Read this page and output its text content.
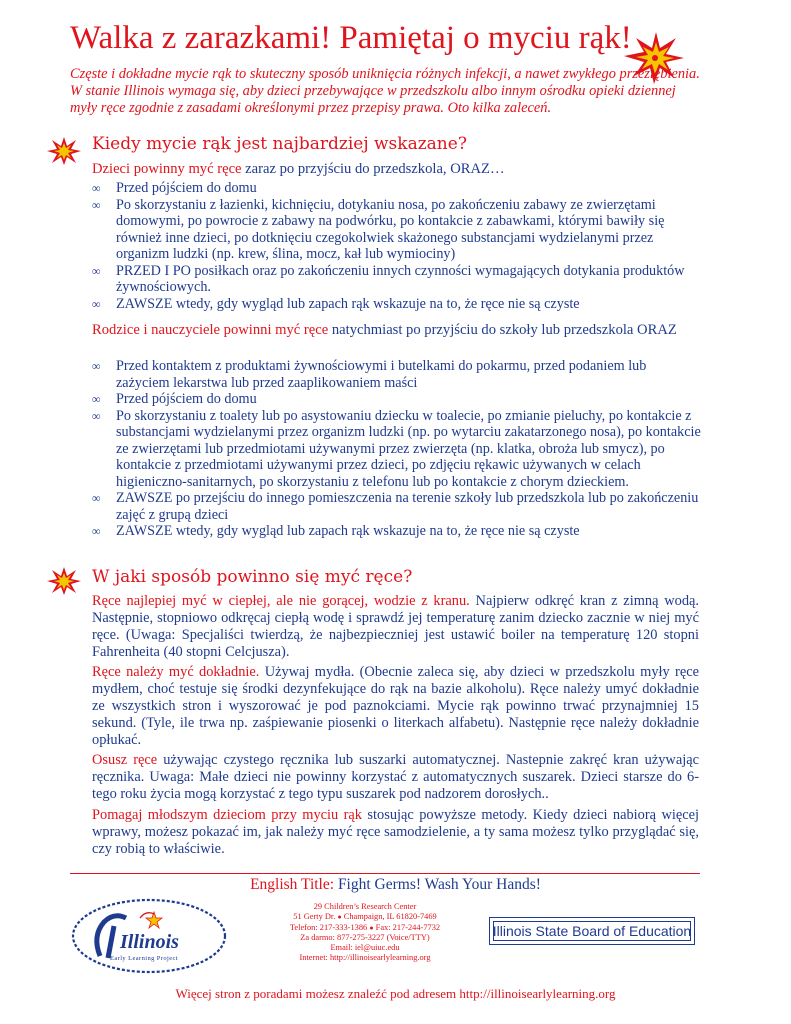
Walka z zarazkami! Pamiętaj o myciu rąk!
Częste i dokładne mycie rąk to skuteczny sposób uniknięcia różnych infekcji, a nawet zwykłego przeziębienia. W stanie Illinois wymaga się, aby dzieci przebywające w przedszkolu albo innym ośrodku opieki dziennej myły ręce zgodnie z zasadami określonymi przez przepisy prawa. Oto kilka zaleceń.
Kiedy mycie rąk jest najbardziej wskazane?
Dzieci powinny myć ręce zaraz po przyjściu do przedszkola, ORAZ…
∞ Przed pójściem do domu
∞ Po skorzystaniu z łazienki, kichnięciu, dotykaniu nosa, po zakończeniu zabawy ze zwierzętami domowymi, po powrocie z zabawy na podwórku, po kontakcie z zabawkami, którymi bawiły się również inne dzieci, po dotknięciu czegokolwiek skażonego substancjami wydzielanymi przez organizm ludzki (np. krew, ślina, mocz, kał lub wymiociny)
∞ PRZED I PO posiłkach oraz po zakończeniu innych czynności wymagających dotykania produktów żywnościowych.
∞ ZAWSZE wtedy, gdy wygląd lub zapach rąk wskazuje na to, że ręce nie są czyste
Rodzice i nauczyciele powinni myć ręce natychmiast po przyjściu do szkoły lub przedszkola ORAZ
∞ Przed kontaktem z produktami żywnościowymi i butelkami do pokarmu, przed podaniem lub zażyciem lekarstwa lub przed zaaplikowaniem maści
∞ Przed pójściem do domu
∞ Po skorzystaniu z toalety lub po asystowaniu dziecku w toalecie, po zmianie pieluchy, po kontakcie z substancjami wydzielanymi przez organizm ludzki (np. po wytarciu zakatarzonego nosa), po kontakcie ze zwierzętami lub przedmiotami używanymi przez zwierzęta (np. klatka, obroża lub smycz), po kontakcie z przedmiotami używanymi przez dzieci, po zdjęciu rękawic używanych w celach higieniczno-sanitarnych, po skorzystaniu z telefonu lub po kontakcie z chorym dzieckiem.
∞ ZAWSZE po przejściu do innego pomieszczenia na terenie szkoły lub przedszkola lub po zakończeniu zajęć z grupą dzieci
∞ ZAWSZE wtedy, gdy wygląd lub zapach rąk wskazuje na to, że ręce nie są czyste
W jaki sposób powinno się myć ręce?
Ręce najlepiej myć w ciepłej, ale nie gorącej, wodzie z kranu. Najpierw odkręć kran z zimną wodą. Następnie, stopniowo odkręcaj ciepłą wodę i sprawdź jej temperaturę zanim dziecko zacznie w niej myć ręce. (Uwaga: Specjaliści twierdzą, że najbezpieczniej jest ustawić boiler na temperaturę 120 stopni Fahrenheita (40 stopni Celcjusza).
Ręce należy myć dokładnie. Używaj mydła. (Obecnie zaleca się, aby dzieci w przedszkolu myły ręce mydłem, choć testuje się środki dezynfekujące do rąk na bazie alkoholu). Ręce należy umyć dokładnie ze wszystkich stron i wyszorować je pod paznokciami. Mycie rąk powinno trwać przynajmniej 15 sekund. (Tyle, ile trwa np. zaśpiewanie piosenki o literkach alfabetu). Następnie ręce należy dokładnie opłukać.
Osusz ręce używając czystego ręcznika lub suszarki automatycznej. Nastepnie zakręć kran używając ręcznika. Uwaga: Małe dzieci nie powinny korzystać z automatycznych suszarek. Dzieci starsze do 6-tego roku życia mogą korzystać z tego typu suszarek pod nadzorem dorosłych..
Pomagaj młodszym dzieciom przy myciu rąk stosując powyższe metody. Kiedy dzieci nabiorą więcej wprawy, możesz pokazać im, jak należy myć ręce samodzielenie, a ty sama możesz tylko przyglądać się, czy robią to właściwie.
English Title: Fight Germs! Wash Your Hands!
Illinois
Early Learning Project
29 Children’s Research Center
51 Gerty Dr. ● Champaign, IL 61820-7469
Telefon: 217-333-1386 ● Fax: 217-244-7732
Za darmo: 877-275-3227 (Voice/TTY)
Email: iel@uiuc.edu
Internet: http://illinoisearlylearning.org
Illinois State Board of Education
Więcej stron z poradami możesz znaleźć pod adresem http://illinoisearlylearning.org
